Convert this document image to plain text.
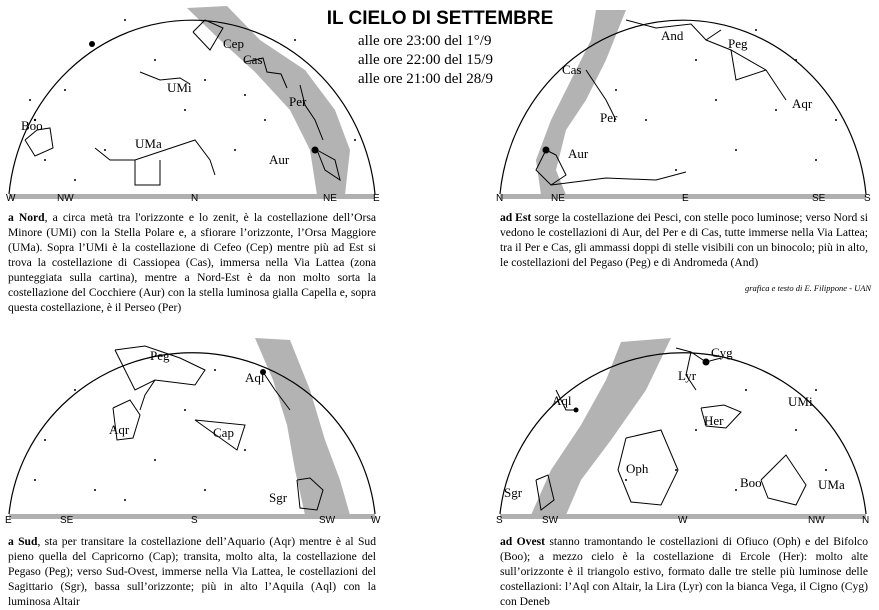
IL CIELO DI SETTEMBRE
alle ore 23:00 del 1°/9
alle ore 22:00 del 15/9
alle ore 21:00 del 28/9
Cep
Cas
UMi
Boo
UMa
Per
Aur
W	NW	N	NE	E
And
Peg
Cas
Aqr
Per
Aur
N	NE	E	SE	S
Peg
Aql
Aqr	Cap
Sgr
E	SE	S	SW	W
Cyg
Lyr
Aql	UMi
Her
Oph
Boo	UMa
Sgr
S	SW	W	NW	N
a Nord, a circa metà tra l'orizzonte e lo zenit, è la costellazione dell’Orsa Minore (UMi) con la Stella Polare e, a sfiorare l’orizzonte, l’Orsa Maggiore (UMa). Sopra l’UMi è la costellazione di Cefeo (Cep) mentre più ad Est si trova la costellazione di Cassiopea (Cas), immersa nella Via Lattea (zona punteggiata sulla cartina), mentre a Nord-Est è da non molto sorta la costellazione del Cocchiere (Aur) con la stella luminosa gialla Capella e, sopra questa costellazione, è il Perseo (Per)
ad Est sorge la costellazione dei Pesci, con stelle poco luminose; verso Nord si vedono le costellazioni di Aur, del Per e di Cas, tutte immerse nella Via Lattea; tra il Per e Cas, gli ammassi doppi di stelle visibili con un binocolo; più in alto, le costellazioni del Pegaso (Peg) e di Andromeda (And)
grafica e testo di E. Filippone - UAN
a Sud, sta per transitare la costellazione dell’Aquario (Aqr) mentre è al Sud pieno quella del Capricorno (Cap); transita, molto alta, la costellazione del Pegaso (Peg); verso Sud-Ovest, immerse nella Via Lattea, le costellazioni del Sagittario (Sgr), bassa sull’orizzonte; più in alto l’Aquila (Aql) con la luminosa Altair
ad Ovest stanno tramontando le costellazioni di Ofiuco (Oph) e del Bifolco (Boo); a mezzo cielo è la costellazione di Ercole (Her): molto alte sull’orizzonte è il triangolo estivo, formato dalle tre stelle più luminose delle costellazioni: l’Aql con Altair, la Lira (Lyr) con la bianca Vega, il Cigno (Cyg) con Deneb
